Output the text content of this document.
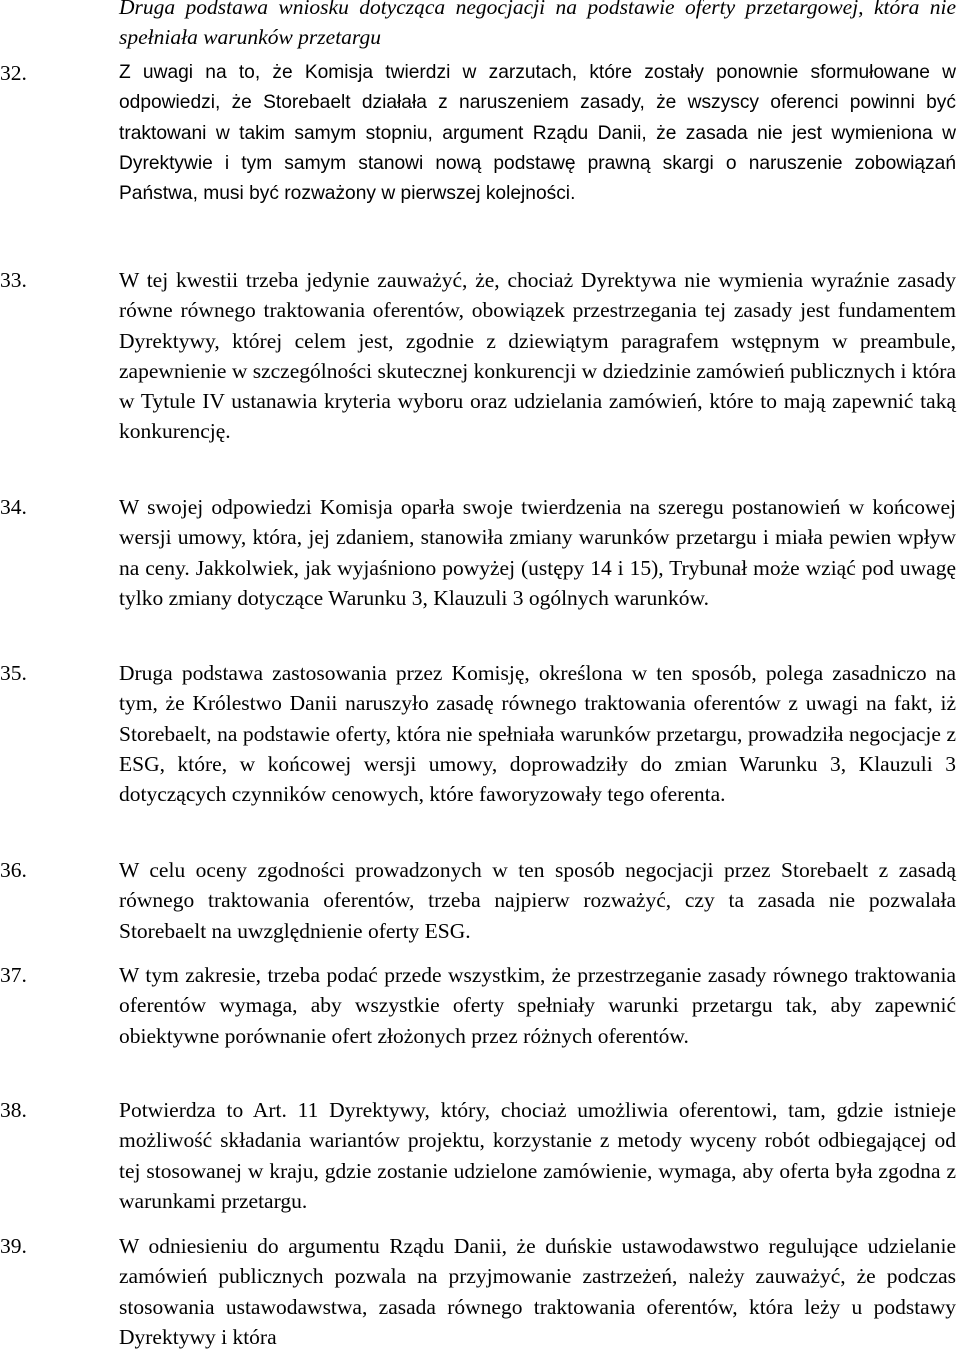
Druga podstawa wniosku dotycząca negocjacji na podstawie oferty przetargowej, która nie spełniała warunków przetargu
32.	Z uwagi na to, że Komisja twierdzi w zarzutach, które zostały ponownie sformułowane w odpowiedzi, że Storebaelt działała z naruszeniem zasady, że wszyscy oferenci powinni być traktowani w takim samym stopniu, argument Rządu Danii, że zasada nie jest wymieniona w Dyrektywie i tym samym stanowi nową podstawę prawną skargi o naruszenie zobowiązań Państwa, musi być rozważony w pierwszej kolejności.
33.	W tej kwestii trzeba jedynie zauważyć, że, chociaż Dyrektywa nie wymienia wyraźnie zasady równe równego traktowania oferentów, obowiązek przestrzegania tej zasady jest fundamentem Dyrektywy, której celem jest, zgodnie z dziewiątym paragrafem wstępnym w preambule, zapewnienie w szczególności skutecznej konkurencji w dziedzinie zamówień publicznych i która w Tytule IV ustanawia kryteria wyboru oraz udzielania zamówień, które to mają zapewnić taką konkurencję.
34.	W swojej odpowiedzi Komisja oparła swoje twierdzenia na szeregu postanowień w końcowej wersji umowy, która, jej zdaniem, stanowiła zmiany warunków przetargu i miała pewien wpływ na ceny. Jakkolwiek, jak wyjaśniono powyżej (ustępy 14 i 15), Trybunał może wziąć pod uwagę tylko zmiany dotyczące Warunku 3, Klauzuli 3 ogólnych warunków.
35.	Druga podstawa zastosowania przez Komisję, określona w ten sposób, polega zasadniczo na tym, że Królestwo Danii naruszyło zasadę równego traktowania oferentów z uwagi na fakt, iż Storebaelt, na podstawie oferty, która nie spełniała warunków przetargu, prowadziła negocjacje z ESG, które, w końcowej wersji umowy, doprowadziły do zmian Warunku 3, Klauzuli 3 dotyczących czynników cenowych, które faworyzowały tego oferenta.
36.	W celu oceny zgodności prowadzonych w ten sposób negocjacji przez Storebaelt z zasadą równego traktowania oferentów, trzeba najpierw rozważyć, czy ta zasada nie pozwalała Storebaelt na uwzględnienie oferty ESG.
37.	W tym zakresie, trzeba podać przede wszystkim, że przestrzeganie zasady równego traktowania oferentów wymaga, aby wszystkie oferty spełniały warunki przetargu tak, aby zapewnić obiektywne porównanie ofert złożonych przez różnych oferentów.
38.	Potwierdza to Art. 11 Dyrektywy, który, chociaż umożliwia oferentowi, tam, gdzie istnieje możliwość składania wariantów projektu, korzystanie z metody wyceny robót odbiegającej od tej stosowanej w kraju, gdzie zostanie udzielone zamówienie, wymaga, aby oferta była zgodna z warunkami przetargu.
39.	W odniesieniu do argumentu Rządu Danii, że duńskie ustawodawstwo regulujące udzielanie zamówień publicznych pozwala na przyjmowanie zastrzeżeń, należy zauważyć, że podczas stosowania ustawodawstwa, zasada równego traktowania oferentów, która leży u podstawy Dyrektywy i która
